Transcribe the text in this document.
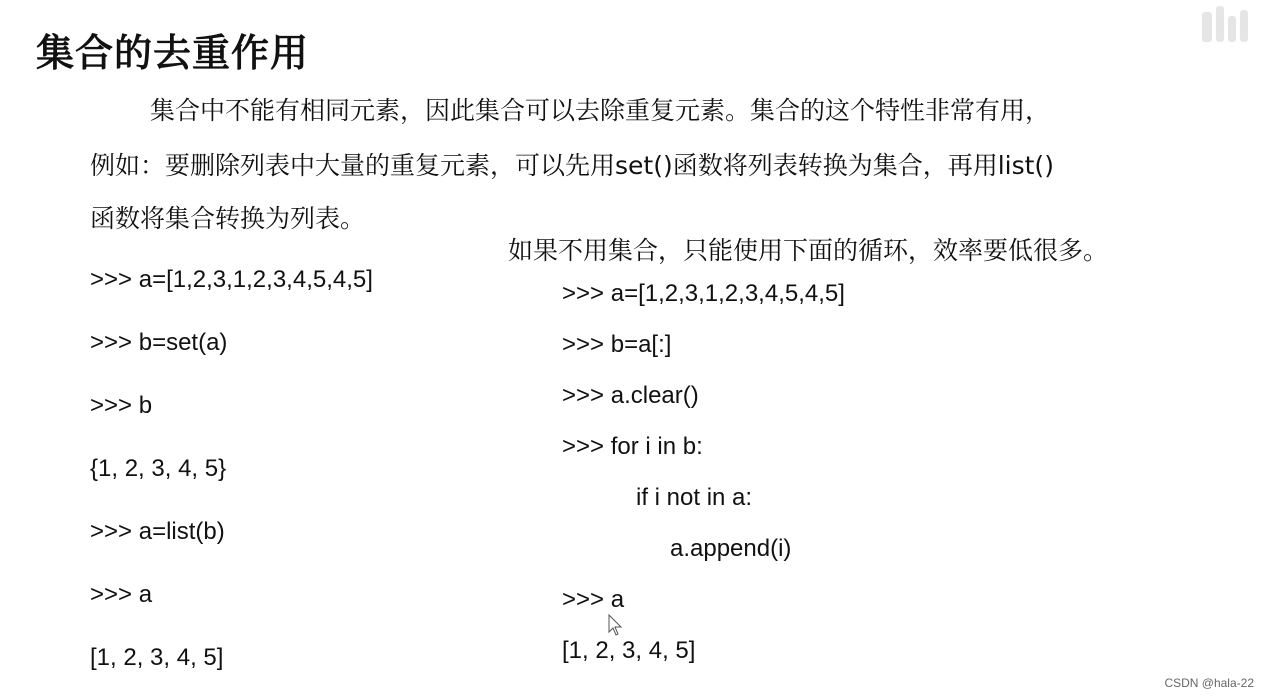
集合的去重作用
集合中不能有相同元素，因此集合可以去除重复元素。集合的这个特性非常有用，
例如：要删除列表中大量的重复元素，可以先用set()函数将列表转换为集合，再用list()
函数将集合转换为列表。
如果不用集合，只能使用下面的循环，效率要低很多。
>>> a=[1,2,3,1,2,3,4,5,4,5]
>>> b=set(a)
>>> b
{1, 2, 3, 4, 5}
>>> a=list(b)
>>> a
[1, 2, 3, 4, 5]
>>> a=[1,2,3,1,2,3,4,5,4,5]
>>> b=a[:]
>>> a.clear()
>>> for i in b:
if i not in a:
a.append(i)
>>> a
[1, 2, 3, 4, 5]
CSDN @hala-22
